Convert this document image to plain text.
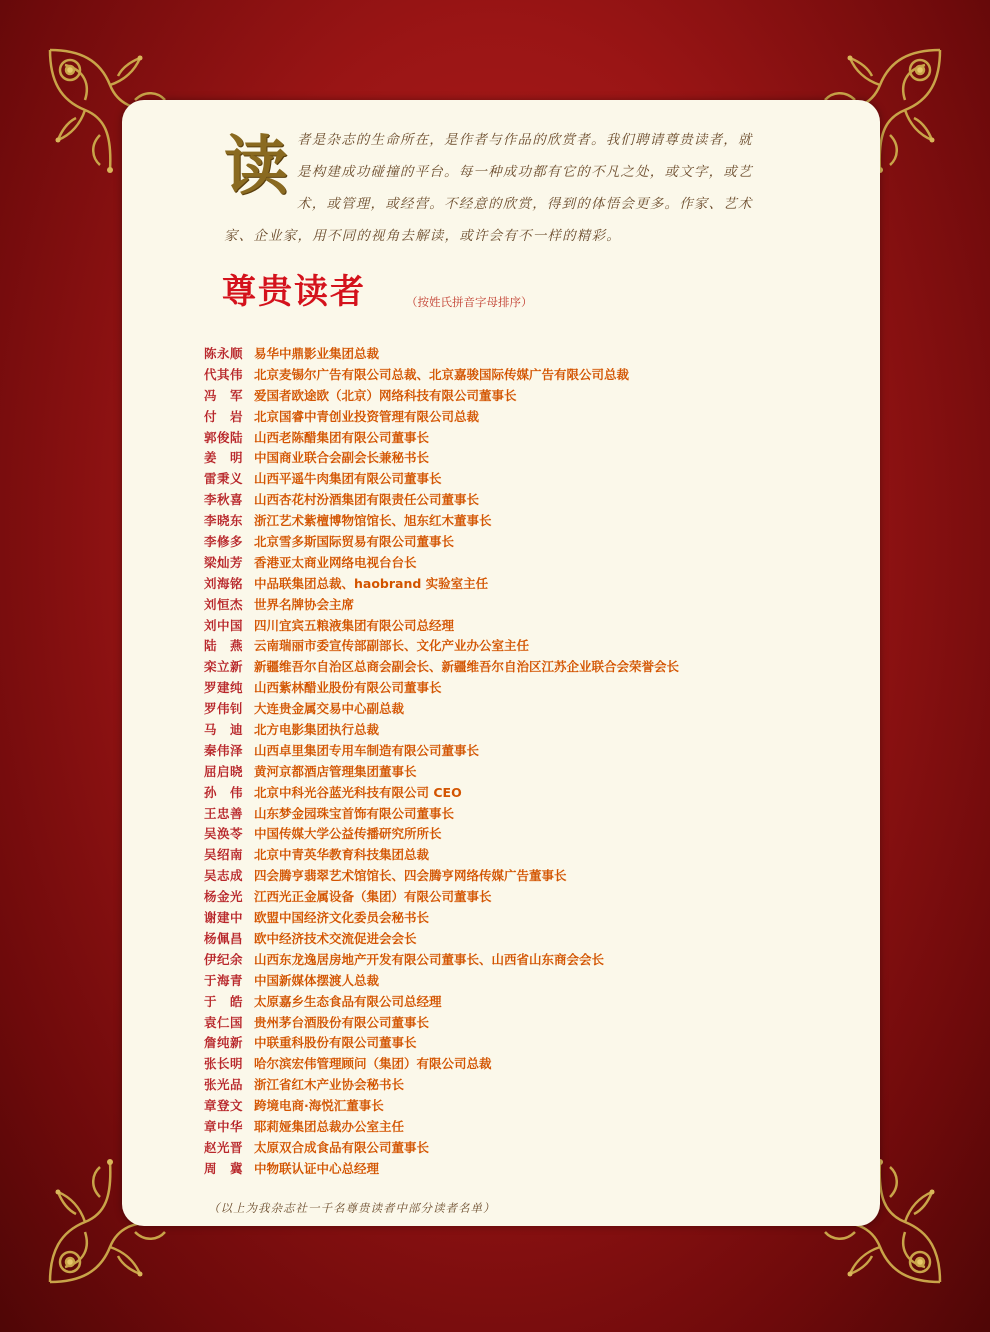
读 者是杂志的生命所在，是作者与作品的欣赏者。我们聘请尊贵读者，就
是构建成功碰撞的平台。每一种成功都有它的不凡之处，或文字，或艺
术，或管理，或经营。不经意的欣赏，得到的体悟会更多。作家、艺术
家、企业家，用不同的视角去解读，或许会有不一样的精彩。
尊贵读者	（按姓氏拼音字母排序）
陈永顺 易华中鼎影业集团总裁
代其伟 北京麦锡尔广告有限公司总裁、北京嘉骏国际传媒广告有限公司总裁
冯　军 爱国者欧途欧（北京）网络科技有限公司董事长
付　岩 北京国睿中青创业投资管理有限公司总裁
郭俊陆 山西老陈醋集团有限公司董事长
姜　明 中国商业联合会副会长兼秘书长
雷秉义 山西平遥牛肉集团有限公司董事长
李秋喜 山西杏花村汾酒集团有限责任公司董事长
李晓东 浙江艺术紫檀博物馆馆长、旭东红木董事长
李修多 北京雪多斯国际贸易有限公司董事长
梁灿芳 香港亚太商业网络电视台台长
刘海铭 中品联集团总裁、haobrand 实验室主任
刘恒杰 世界名牌协会主席
刘中国 四川宜宾五粮液集团有限公司总经理
陆　燕 云南瑞丽市委宣传部副部长、文化产业办公室主任
栾立新 新疆维吾尔自治区总商会副会长、新疆维吾尔自治区江苏企业联合会荣誉会长
罗建纯 山西紫林醋业股份有限公司董事长
罗伟钊 大连贵金属交易中心副总裁
马　迪 北方电影集团执行总裁
秦伟泽 山西卓里集团专用车制造有限公司董事长
屈启晓 黄河京都酒店管理集团董事长
孙　伟 北京中科光谷蓝光科技有限公司 CEO
王忠善 山东梦金园珠宝首饰有限公司董事长
吴涣苓 中国传媒大学公益传播研究所所长
吴绍南 北京中青英华教育科技集团总裁
吴志成 四会腾亨翡翠艺术馆馆长、四会腾亨网络传媒广告董事长
杨金光 江西光正金属设备（集团）有限公司董事长
谢建中 欧盟中国经济文化委员会秘书长
杨佩昌 欧中经济技术交流促进会会长
伊纪余 山西东龙逸居房地产开发有限公司董事长、山西省山东商会会长
于海青 中国新媒体摆渡人总裁
于　皓 太原嘉乡生态食品有限公司总经理
袁仁国 贵州茅台酒股份有限公司董事长
詹纯新 中联重科股份有限公司董事长
张长明 哈尔滨宏伟管理顾问（集团）有限公司总裁
张光品 浙江省红木产业协会秘书长
章登文 跨境电商·海悦汇董事长
章中华 耶莉娅集团总裁办公室主任
赵光晋 太原双合成食品有限公司董事长
周　冀 中物联认证中心总经理
（以上为我杂志社一千名尊贵读者中部分读者名单）
